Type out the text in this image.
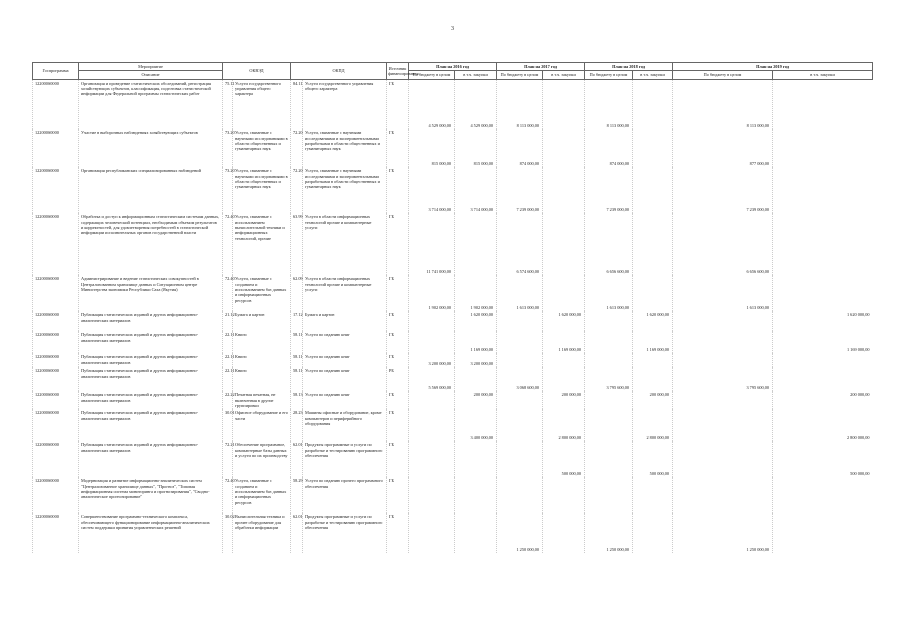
3
Госпрограмма	Мероприятие	ОКВЭД		ОКПД		Источник финансирования	План на 2016 год		План на 2017 год		План на 2018 год		План на 2019 год	
	Описание						По бюджету в целом	в т.ч. закупки	По бюджету в целом	в т.ч. закупки	По бюджету в целом	в т.ч. закупки	По бюджету в целом	в т.ч. закупки
122000S0000	Организация и проведение статистических обследований, регистрация хозяйствующих субъектов, классификация, подготовка статистической информации для Федеральной программы статистических работ	75.11	Услуги государственного управления общего характера	84.11	Услуги государственного управления общего характера	ГБ	4 529 000,00	4 529 000,00	8 113 000,00		8 113 000,00		8 113 000,00	
122000S0000	Участие в выборочных наблюдениях хозяйствующих субъектов	73.20	Услуги, связанные с научными исследованиями в области общественных и гуманитарных наук	72.20	Услуги, связанные с научными исследованиями и экспериментальными разработками в области общественных и гуманитарных наук	ГБ	815 000,00	815 000,00	874 000,00		874 000,00		877 000,00	
122000S0000	Организация республиканских специализированных наблюдений	73.20	Услуги, связанные с научными исследованиями в области общественных и гуманитарных наук	72.20	Услуги, связанные с научными исследованиями и экспериментальными разработками в области общественных и гуманитарных наук	ГБ	3 714 000,00	3 714 000,00	7 239 000,00		7 239 000,00		7 239 000,00	
122000S0000	Обработка и доступ к информационным статистическим системам данных, содержащих человеческий потенциал, необходимым объемом результатов и корректностей, для удовлетворения потребностей в статистической информации исполнительных органов государственной власти	72.40	Услуги, связанные с использованием вычислительной техники и информационных технологий, прочие	63.99	Услуги в области информационных технологий прочие и компьютерные услуги	ГБ	11 741 000,00		6 574 600,00		6 656 600,00		6 656 600,00	
122000S0000	Администрирование и ведение статистических совокупностей в Централизованном хранилище данных и Ситуационном центре Министерства экономики Республики Саха (Якутия)	72.40	Услуги, связанные с созданием и использованием баз данных и информационных ресурсов	62.09	Услуги в области информационных технологий прочие и компьютерные услуги	ГБ	1 902 000,00	1 902 000,00	1 613 000,00		1 613 000,00		1 613 000,00	
122000S0000	Публикация статистических изданий и других информационно-аналитических материалов	21.12	Бумага и картон	17.12	Бумага и картон	ГБ		1 620 000,00		1 620 000,00		1 620 000,00		1 620 000,00
122000S0000	Публикация статистических изданий и других информационно-аналитических материалов	22.11	Книги	58.11	Услуги по изданию книг	ГБ		1 169 000,00		1 169 000,00		1 169 000,00		1 169 000,00
122000S0000	Публикация статистических изданий и других информационно-аналитических материалов	22.11	Книги	58.11	Услуги по изданию книг	ГБ	3 200 000,00	3 200 000,00						
122000S0000	Публикация статистических изданий и других информационно-аналитических материалов	22.11	Книги	58.11	Услуги по изданию книг	РБ	5 569 000,00		3 068 600,00		3 795 600,00		3 795 600,00	
122000S0000	Публикация статистических изданий и других информационно-аналитических материалов	22.22	Печатная печатная, не включенная в другие группировки	58.13	Услуги по изданию книг	ГБ		200 000,00		200 000,00		200 000,00		200 000,00
122000S0000	Публикация статистических изданий и других информационно-аналитических материалов	30.01	Офисное оборудование и его части	28.23	Машины офисные и оборудование, кроме компьютеров и периферийного оборудования	ГБ		3 400 000,00		2 800 000,00		2 800 000,00		2 800 000,00
122000S0000	Публикация статистических изданий и других информационно-аналитических материалов	72.21	Обеспечение программное, компьютерные базы данных и услуги по их производству	62.01	Продукты программные и услуги по разработке и тестированию программного обеспечения	ГБ				500 000,00		500 000,00		500 000,00
122000S0000	Модернизация и развитие информационно-аналитических систем "Централизованное хранилище данных", "Прогноз", "Типовая информационная система мониторинга и прогнозирования", "Сводно-аналитическое прогнозирование"	72.40	Услуги, связанные с созданием и использованием баз данных и информационных ресурсов	58.29	Услуги по изданию прочего программного обеспечения	ГБ								
122000S0000	Совершенствование программно-технического комплекса, обеспечивающего функционирование информационно-аналитических систем поддержки принятия управленческих решений	30.02	Вычислительная техника и прочее оборудование для обработки информации	62.01	Продукты программные и услуги по разработке и тестированию программного обеспечения	ГБ			1 250 000,00		1 250 000,00		1 250 000,00	
